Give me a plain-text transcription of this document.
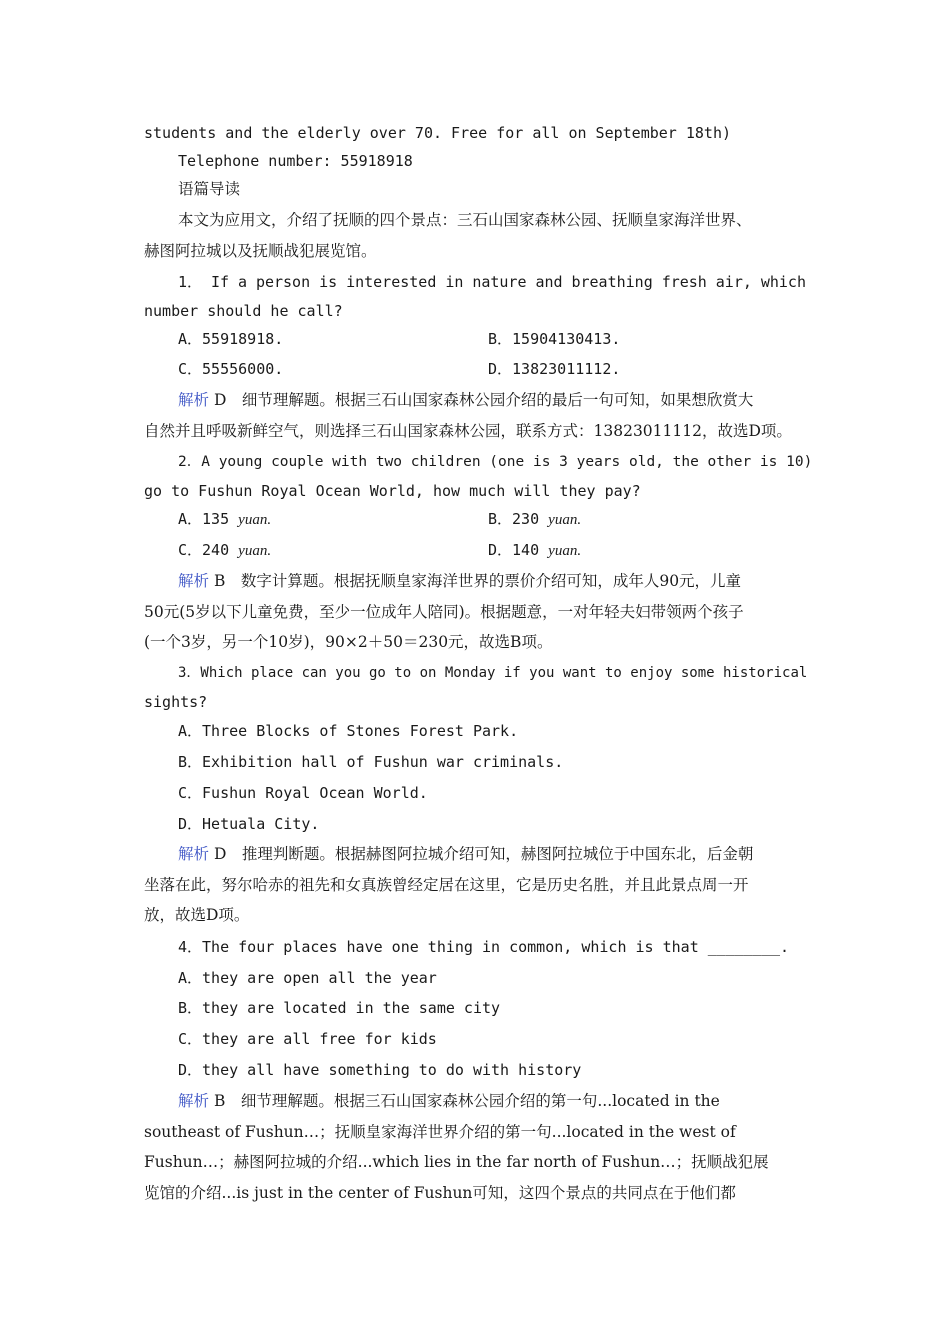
students and the elderly over 70. Free for all on September 18th)
Telephone number: 55918918
语篇导读
本文为应用文，介绍了抚顺的四个景点：三石山国家森林公园、抚顺皇家海洋世界、
赫图阿拉城以及抚顺战犯展览馆。
1． If a person is interested in nature and breathing fresh air, which
number should he call?
A．55918918.	B．15904130413.
C．55556000.	D．13823011112.
解析 D　细节理解题。根据三石山国家森林公园介绍的最后一句可知，如果想欣赏大
自然并且呼吸新鲜空气，则选择三石山国家森林公园，联系方式：13823011112，故选D项。
2．A young couple with two children (one is 3 years old, the other is 10)
go to Fushun Royal Ocean World, how much will they pay?
A．135 yuan.	B．230 yuan.
C．240 yuan.	D．140 yuan.
解析 B　数字计算题。根据抚顺皇家海洋世界的票价介绍可知，成年人90元，儿童
50元(5岁以下儿童免费，至少一位成年人陪同)。根据题意，一对年轻夫妇带领两个孩子
(一个3岁，另一个10岁)，90×2＋50＝230元，故选B项。
3．Which place can you go to on Monday if you want to enjoy some historical
sights?
A．Three Blocks of Stones Forest Park.
B．Exhibition hall of Fushun war criminals.
C．Fushun Royal Ocean World.
D．Hetuala City.
解析 D　推理判断题。根据赫图阿拉城介绍可知，赫图阿拉城位于中国东北，后金朝
坐落在此，努尔哈赤的祖先和女真族曾经定居在这里，它是历史名胜，并且此景点周一开
放，故选D项。
4．The four places have one thing in common, which is that ________.
A．they are open all the year
B．they are located in the same city
C．they are all free for kids
D．they all have something to do with history
解析 B　细节理解题。根据三石山国家森林公园介绍的第一句...located in the
southeast of Fushun…；抚顺皇家海洋世界介绍的第一句...located in the west of
Fushun…；赫图阿拉城的介绍...which lies in the far north of Fushun…；抚顺战犯展
览馆的介绍...is just in the center of Fushun可知，这四个景点的共同点在于他们都
